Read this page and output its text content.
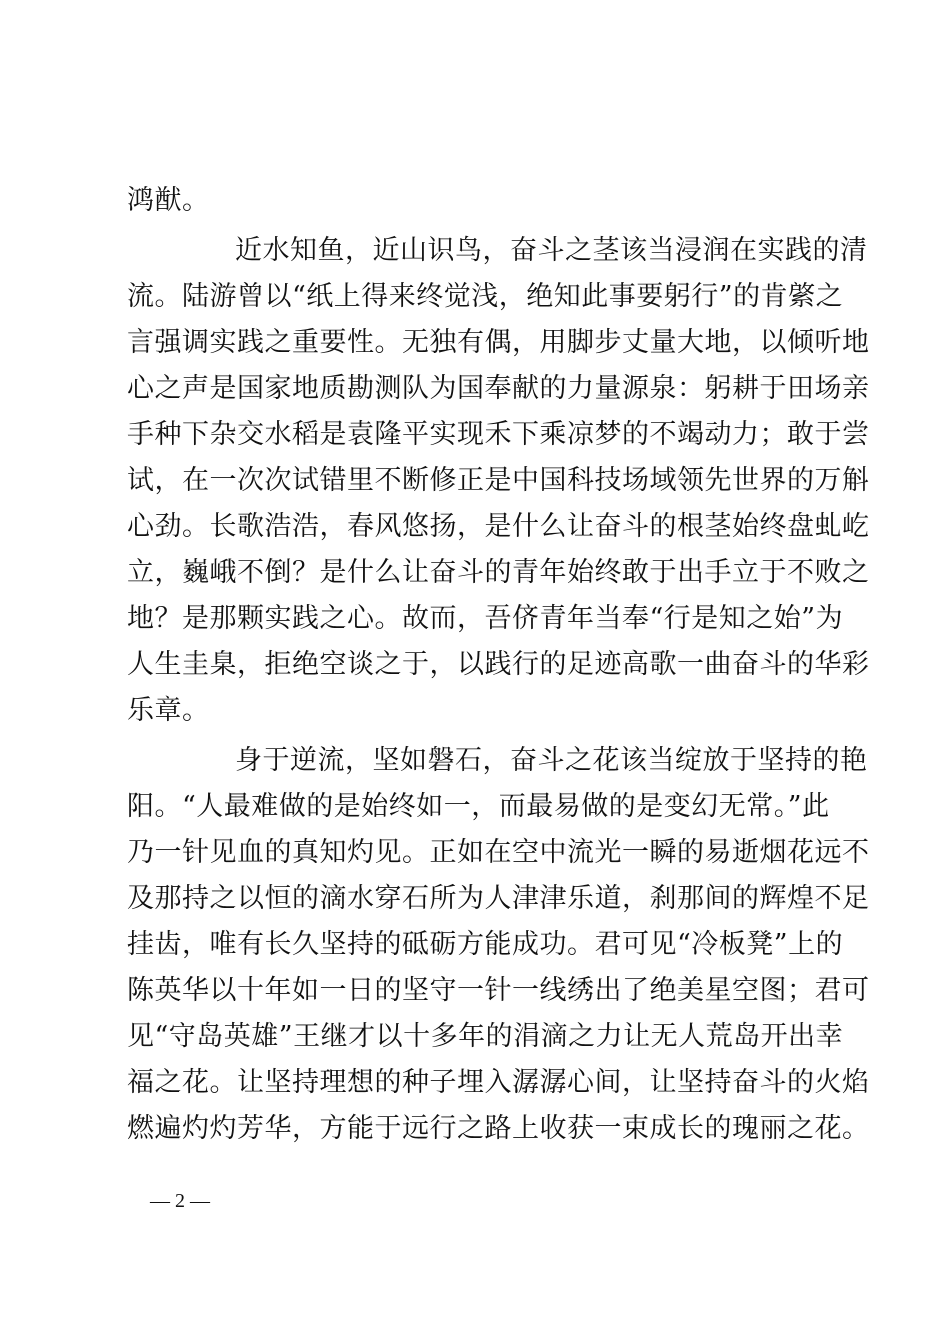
鸿猷。
近水知鱼，近山识鸟，奋斗之茎该当浸润在实践的清
流。陆游曾以“纸上得来终觉浅，绝知此事要躬行”的肯綮之
言强调实践之重要性。无独有偶，用脚步丈量大地，以倾听地
心之声是国家地质勘测队为国奉献的力量源泉：躬耕于田场亲
手种下杂交水稻是袁隆平实现禾下乘凉梦的不竭动力；敢于尝
试，在一次次试错里不断修正是中国科技场域领先世界的万斛
心劲。长歌浩浩，春风悠扬，是什么让奋斗的根茎始终盘虬屹
立，巍峨不倒？是什么让奋斗的青年始终敢于出手立于不败之
地？是那颗实践之心。故而，吾侪青年当奉“行是知之始”为
人生圭臬，拒绝空谈之于，以践行的足迹高歌一曲奋斗的华彩
乐章。
身于逆流，坚如磐石，奋斗之花该当绽放于坚持的艳
阳。“人最难做的是始终如一，而最易做的是变幻无常。”此
乃一针见血的真知灼见。正如在空中流光一瞬的易逝烟花远不
及那持之以恒的滴水穿石所为人津津乐道，刹那间的辉煌不足
挂齿，唯有长久坚持的砥砺方能成功。君可见“冷板凳”上的
陈英华以十年如一日的坚守一针一线绣出了绝美星空图；君可
见“守岛英雄”王继才以十多年的涓滴之力让无人荒岛开出幸
福之花。让坚持理想的种子埋入潺潺心间，让坚持奋斗的火焰
燃遍灼灼芳华，方能于远行之路上收获一束成长的瑰丽之花。
— 2 —
